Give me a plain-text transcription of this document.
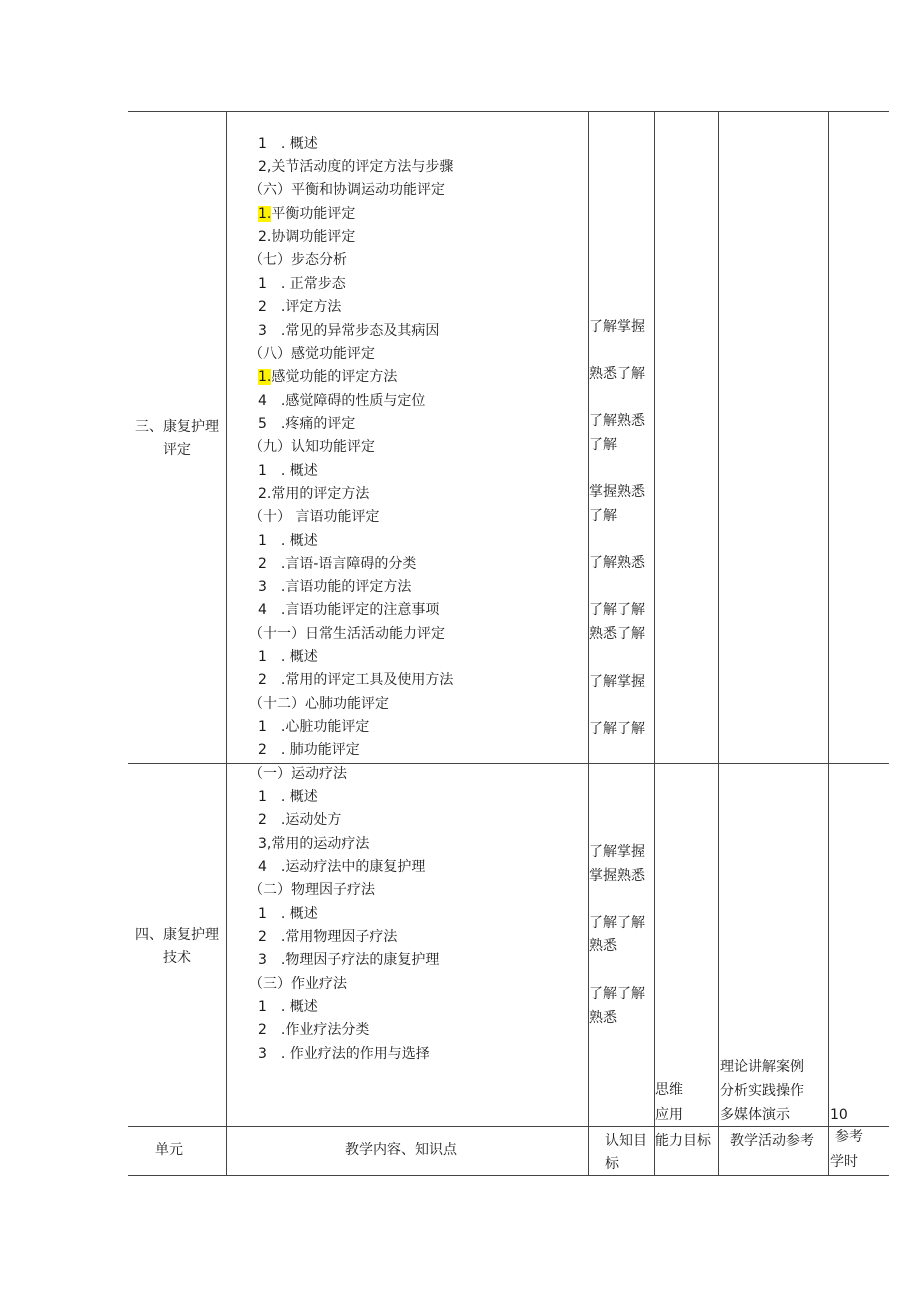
三、康复护理评定
1　. 概述
2,关节活动度的评定方法与步骤
（六）平衡和协调运动功能评定
1.平衡功能评定
2.协调功能评定
（七）步态分析
1　. 正常步态
2　.评定方法
3　.常见的异常步态及其病因
（八）感觉功能评定
1.感觉功能的评定方法
4　.感觉障碍的性质与定位
5　.疼痛的评定
（九）认知功能评定
1　. 概述
2.常用的评定方法
（十） 言语功能评定
1　. 概述
2　.言语-语言障碍的分类
3　.言语功能的评定方法
4　.言语功能评定的注意事项
（十一）日常生活活动能力评定
1　. 概述
2　.常用的评定工具及使用方法
（十二）心肺功能评定
1　.心脏功能评定
2　. 肺功能评定
了解掌握
熟悉了解
了解熟悉
了解
掌握熟悉
了解
了解熟悉
了解了解
熟悉了解
了解掌握
了解了解
四、康复护理技术
（一）运动疗法
1　. 概述
2　.运动处方
3,常用的运动疗法
4　.运动疗法中的康复护理
（二）物理因子疗法
1　. 概述
2　.常用物理因子疗法
3　.物理因子疗法的康复护理
（三）作业疗法
1　. 概述
2　.作业疗法分类
3　. 作业疗法的作用与选择
了解掌握
掌握熟悉
了解了解
熟悉
了解了解
熟悉
思维
应用
理论讲解案例
分析实践操作
多媒体演示	10
单元	教学内容、知识点
认知目
标
能力目标 教学活动参考 参考
学时
